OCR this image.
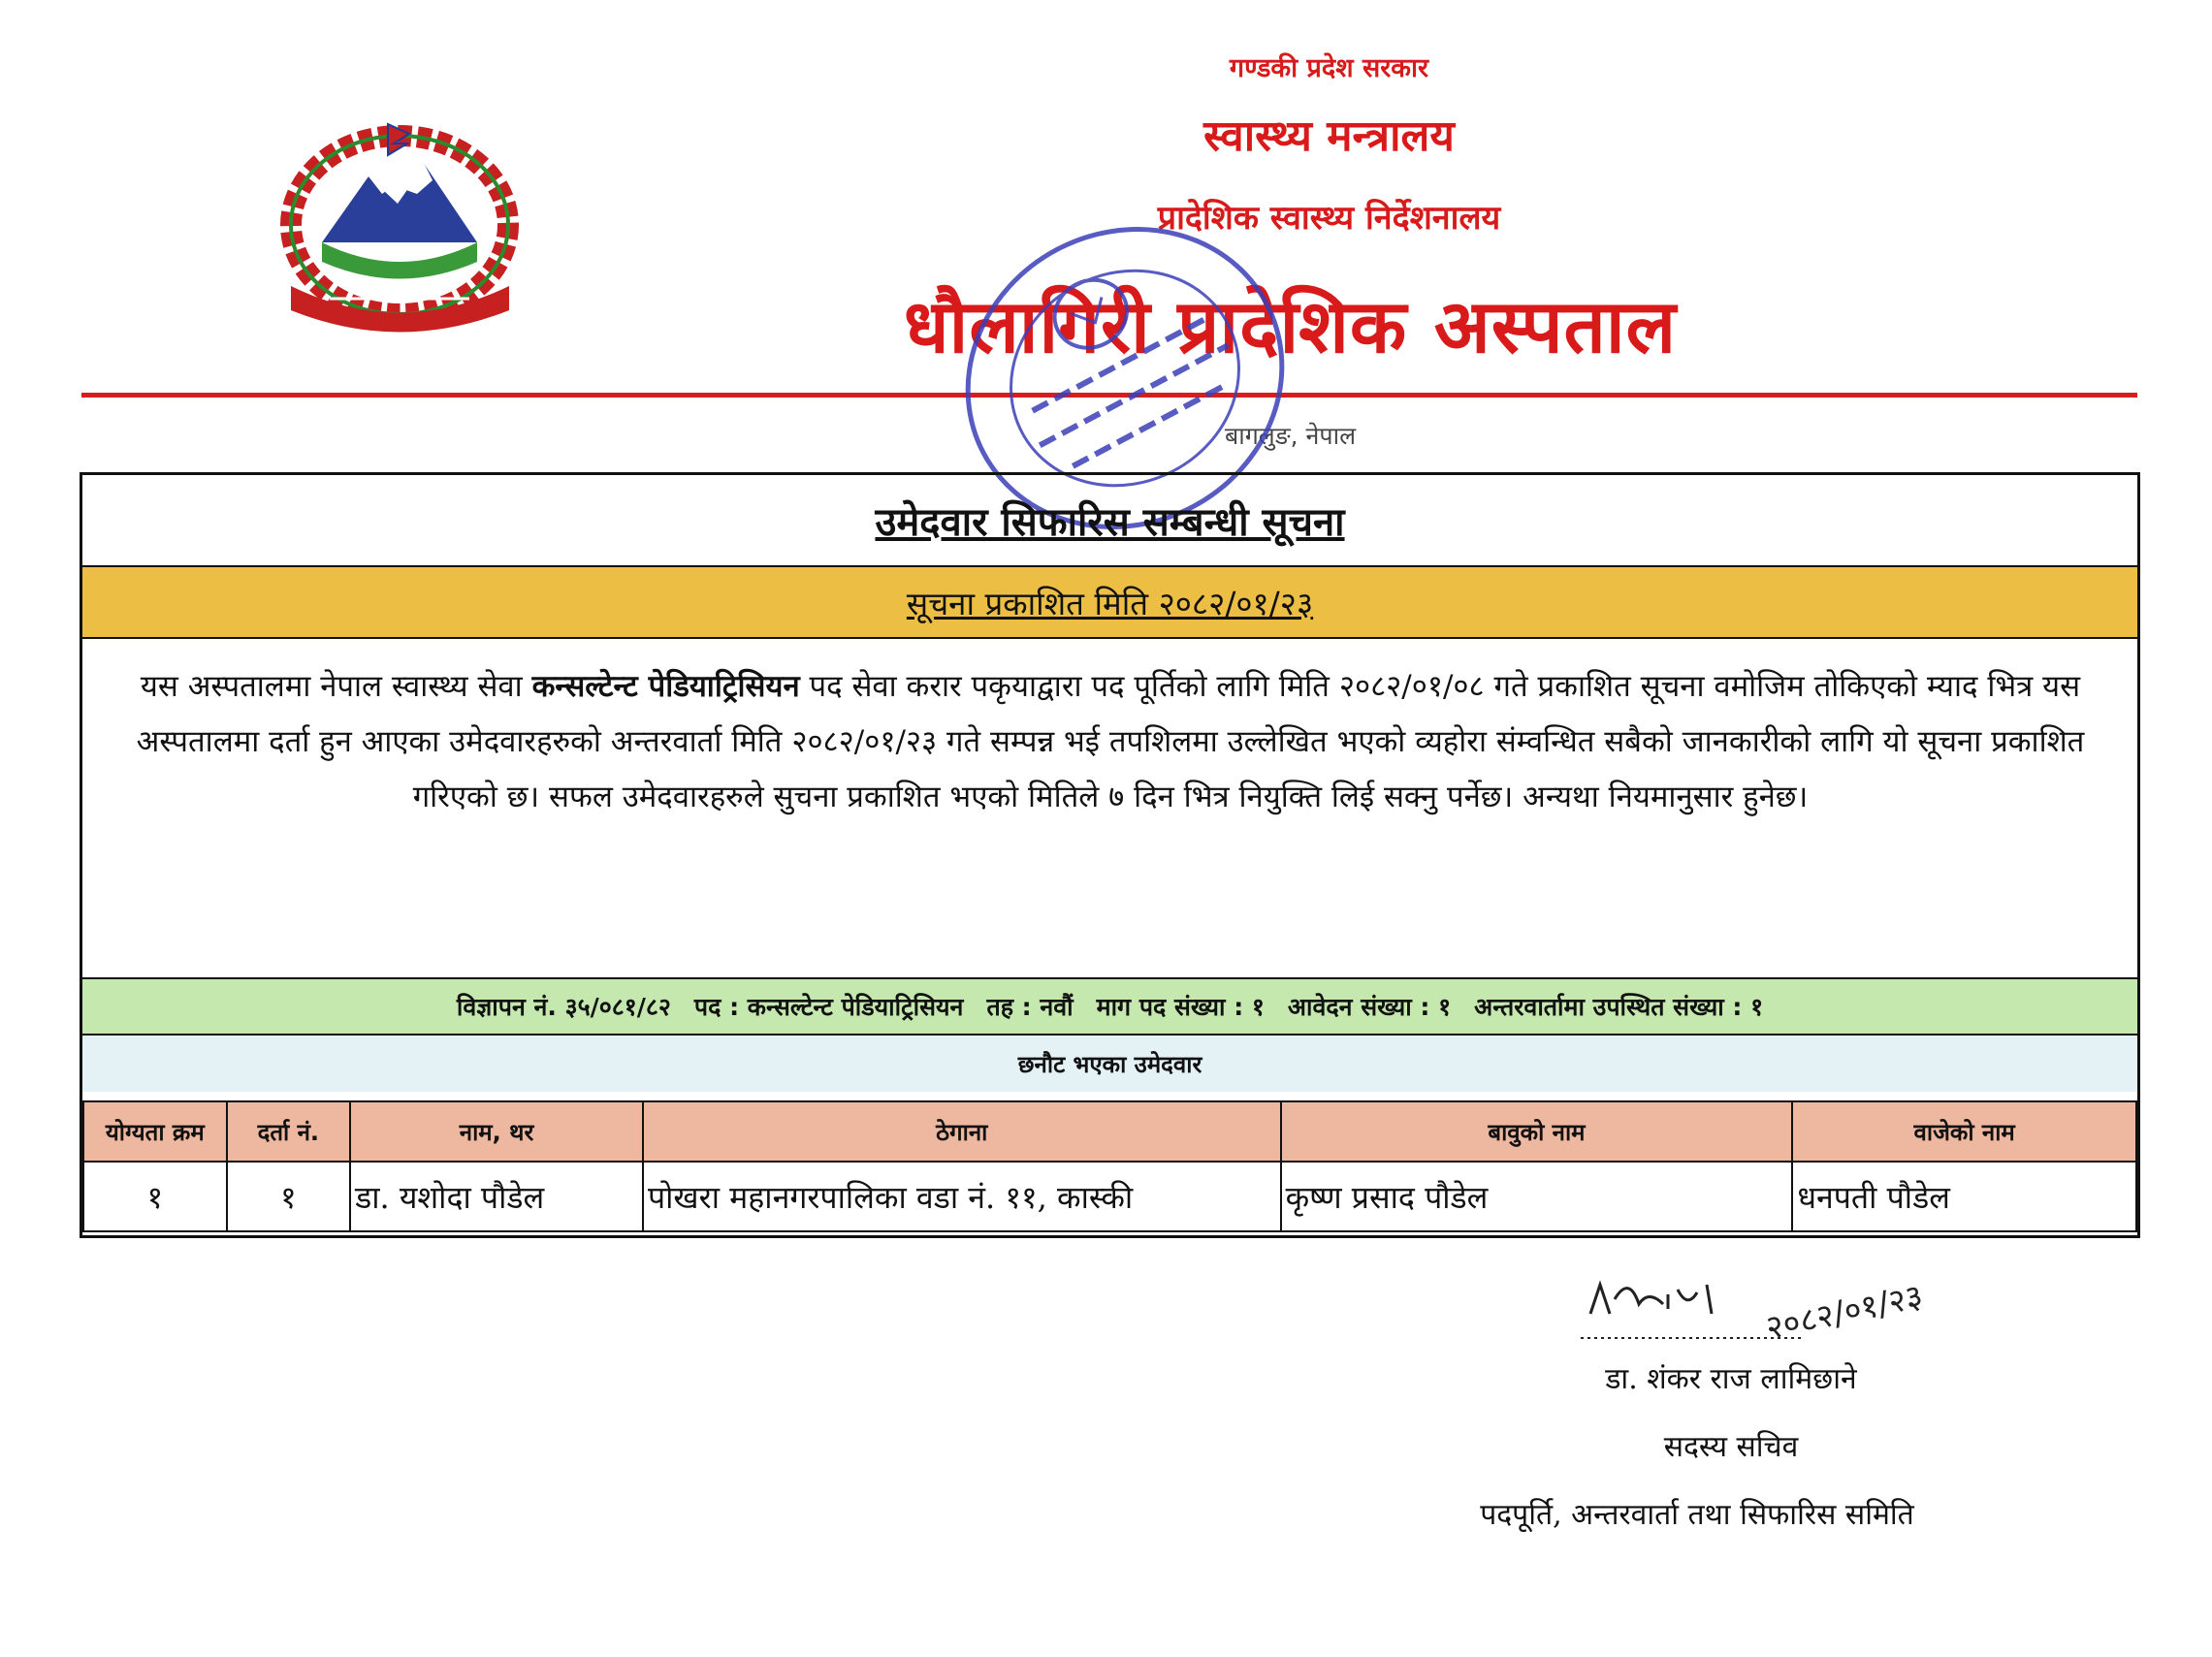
गण्डकी प्रदेश सरकार
स्वास्थ्य मन्त्रालय
प्रादेशिक स्वास्थ्य निर्देशनालय
धौलागिरी प्रादेशिक अस्पताल
बागलुङ, नेपाल
उमेदवार सिफारिस सम्बन्धी सूचना
सूचना प्रकाशित मिति २०८२/०१/२३
यस अस्पतालमा नेपाल स्वास्थ्य सेवा कन्सल्टेन्ट पेडियाट्रिसियन पद सेवा करार पकृयाद्वारा पद पूर्तिको लागि मिति २०८२/०१/०८ गते प्रकाशित सूचना वमोजिम तोकिएको म्याद भित्र यस अस्पतालमा दर्ता हुन आएका उमेदवारहरुको अन्तरवार्ता मिति २०८२/०१/२३ गते सम्पन्न भई तपशिलमा उल्लेखित भएको व्यहोरा संम्वन्धित सबैको जानकारीको लागि यो सूचना प्रकाशित गरिएको छ। सफल उमेदवारहरुले सुचना प्रकाशित भएको मितिले ७ दिन भित्र नियुक्ति लिई सक्नु पर्नेछ। अन्यथा नियमानुसार हुनेछ।
विज्ञापन नं. ३५/०८१/८२ पद : कन्सल्टेन्ट पेडियाट्रिसियन तह : नवौं माग पद संख्या : १ आवेदन संख्या : १ अन्तरवार्तामा उपस्थित संख्या : १
छनौट भएका उमेदवार
योग्यता क्रम	दर्ता नं.	नाम, थर	ठेगाना	बावुको नाम	वाजेको नाम
१	१	डा. यशोदा पौडेल	पोखरा महानगरपालिका वडा नं. ११, कास्की	कृष्ण प्रसाद पौडेल	धनपती पौडेल
२०८२/०१/२३
डा. शंकर राज लामिछाने
सदस्य सचिव
पदपूर्ति, अन्तरवार्ता तथा सिफारिस समिति
